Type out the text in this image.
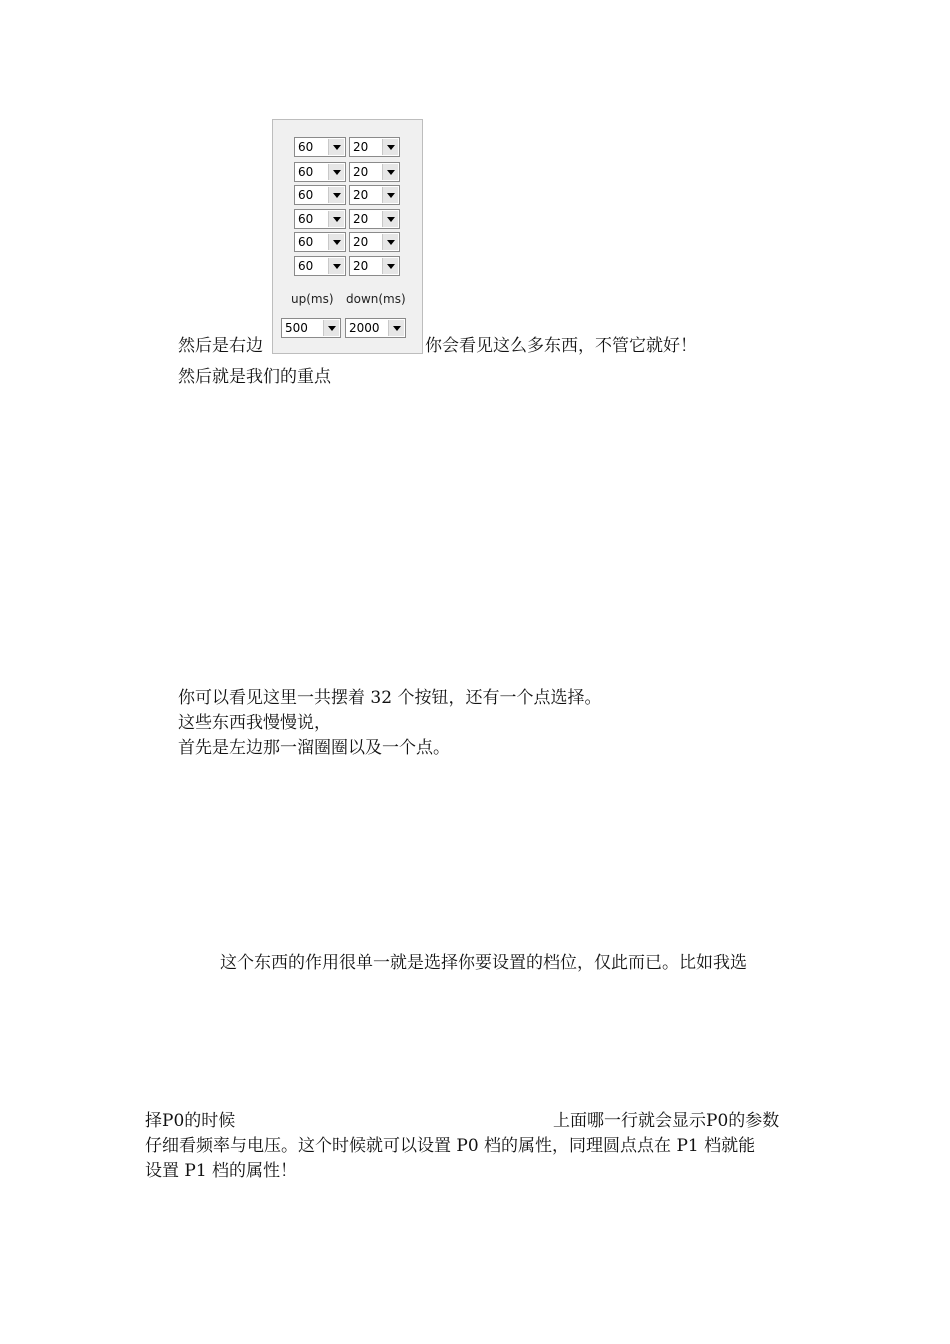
60	20
60	20
60	20
60	20
60	20
60	20
up(ms) down(ms)
500	2000
然后是右边	你会看见这么多东西，不管它就好！
然后就是我们的重点
你可以看见这里一共摆着 32 个按钮，还有一个点选择。
这些东西我慢慢说，
首先是左边那一溜圈圈以及一个点。
这个东西的作用很单一就是选择你要设置的档位，仅此而已。比如我选
择P0的时候	上面哪一行就会显示P0的参数
仔细看频率与电压。这个时候就可以设置 P0 档的属性，同理圆点点在 P1 档就能
设置 P1 档的属性！
